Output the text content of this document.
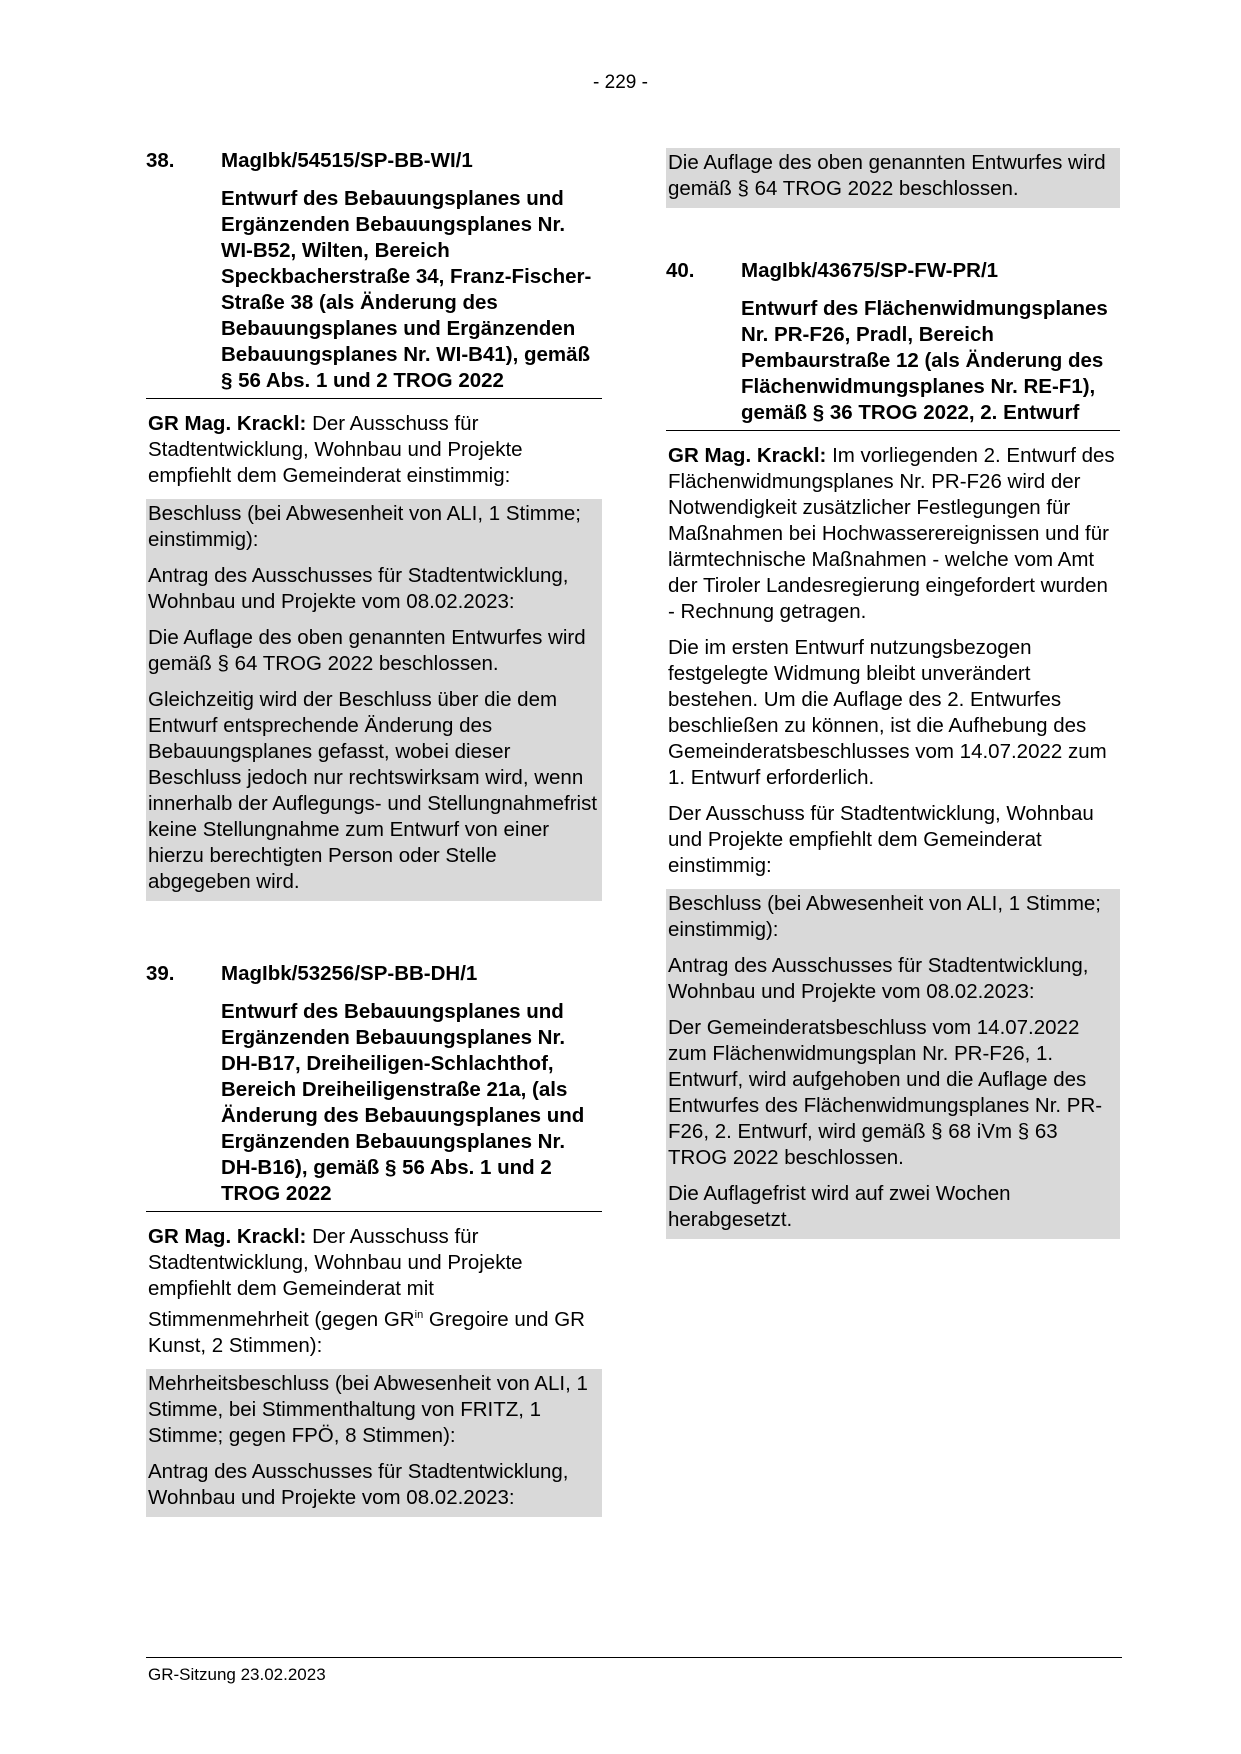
- 229 -
38.	MagIbk/54515/SP-BB-WI/1
Entwurf des Bebauungsplanes und Ergänzenden Bebauungsplanes Nr. WI-B52, Wilten, Bereich Speckbacherstraße 34, Franz-Fischer-Straße 38 (als Änderung des Bebauungsplanes und Ergänzenden Bebauungsplanes Nr. WI-B41), gemäß § 56 Abs. 1 und 2 TROG 2022

GR Mag. Krackl: Der Ausschuss für Stadtentwicklung, Wohnbau und Projekte empfiehlt dem Gemeinderat einstimmig:

Beschluss (bei Abwesenheit von ALI, 1 Stimme; einstimmig):

Antrag des Ausschusses für Stadtentwicklung, Wohnbau und Projekte vom 08.02.2023:

Die Auflage des oben genannten Entwurfes wird gemäß § 64 TROG 2022 beschlossen.

Gleichzeitig wird der Beschluss über die dem Entwurf entsprechende Änderung des Bebauungsplanes gefasst, wobei dieser Beschluss jedoch nur rechtswirksam wird, wenn innerhalb der Auflegungs- und Stellungnahmefrist keine Stellungnahme zum Entwurf von einer hierzu berechtigten Person oder Stelle abgegeben wird.

39.	MagIbk/53256/SP-BB-DH/1
Entwurf des Bebauungsplanes und Ergänzenden Bebauungsplanes Nr. DH-B17, Dreiheiligen-Schlachthof, Bereich Dreiheiligenstraße 21a, (als Änderung des Bebauungsplanes und Ergänzenden Bebauungsplanes Nr. DH-B16), gemäß § 56 Abs. 1 und 2 TROG 2022

GR Mag. Krackl: Der Ausschuss für Stadtentwicklung, Wohnbau und Projekte empfiehlt dem Gemeinderat mit Stimmenmehrheit (gegen $GR^{in}$ Gregoire und GR Kunst, 2 Stimmen):

Mehrheitsbeschluss (bei Abwesenheit von ALI, 1 Stimme, bei Stimmenthaltung von FRITZ, 1 Stimme; gegen FPÖ, 8 Stimmen):

Antrag des Ausschusses für Stadtentwicklung, Wohnbau und Projekte vom 08.02.2023:

Die Auflage des oben genannten Entwurfes wird gemäß § 64 TROG 2022 beschlossen.

40.	MagIbk/43675/SP-FW-PR/1
Entwurf des Flächenwidmungsplanes Nr. PR-F26, Pradl, Bereich Pembaurstraße 12 (als Änderung des Flächenwidmungsplanes Nr. RE-F1), gemäß § 36 TROG 2022, 2. Entwurf

GR Mag. Krackl: Im vorliegenden 2. Entwurf des Flächenwidmungsplanes Nr. PR-F26 wird der Notwendigkeit zusätzlicher Festlegungen für Maßnahmen bei Hochwasserereignissen und für lärmtechnische Maßnahmen - welche vom Amt der Tiroler Landesregierung eingefordert wurden - Rechnung getragen.

Die im ersten Entwurf nutzungsbezogen festgelegte Widmung bleibt unverändert bestehen. Um die Auflage des 2. Entwurfes beschließen zu können, ist die Aufhebung des Gemeinderatsbeschlusses vom 14.07.2022 zum 1. Entwurf erforderlich.

Der Ausschuss für Stadtentwicklung, Wohnbau und Projekte empfiehlt dem Gemeinderat einstimmig:

Beschluss (bei Abwesenheit von ALI, 1 Stimme; einstimmig):

Antrag des Ausschusses für Stadtentwicklung, Wohnbau und Projekte vom 08.02.2023:

Der Gemeinderatsbeschluss vom 14.07.2022 zum Flächenwidmungsplan Nr. PR-F26, 1. Entwurf, wird aufgehoben und die Auflage des Entwurfes des Flächenwidmungsplanes Nr. PR-F26, 2. Entwurf, wird gemäß § 68 iVm § 63 TROG 2022 beschlossen.

Die Auflagefrist wird auf zwei Wochen herabgesetzt.

GR-Sitzung 23.02.2023
